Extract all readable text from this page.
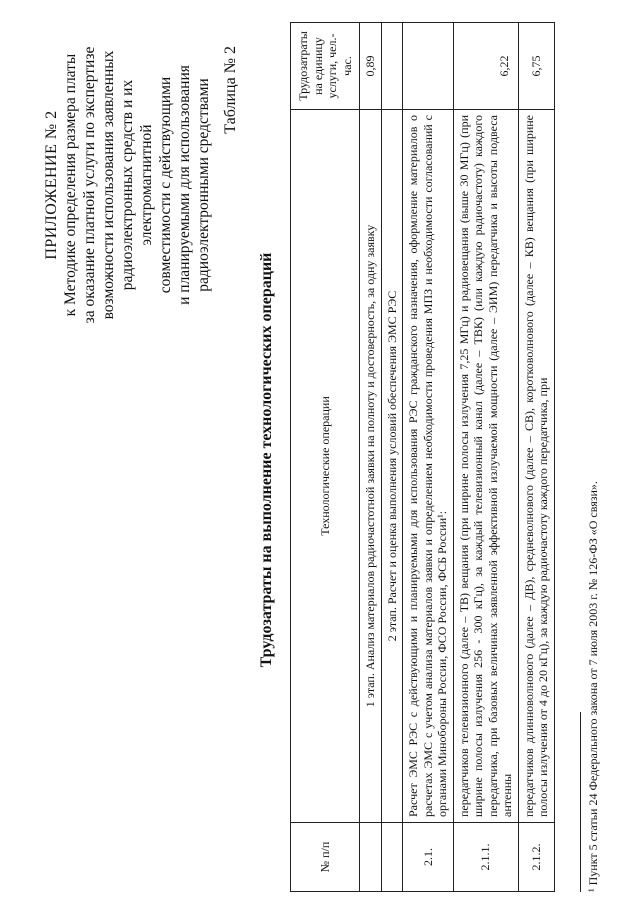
ПРИЛОЖЕНИЕ № 2 к Методике определения размера платы за оказание платной услуги по экспертизе возможности использования заявленных радиоэлектронных средств и их электромагнитной совместимости с действующими и планируемыми для использования радиоэлектронными средствами Таблица № 2
Трудозатраты на выполнение технологических операций
№ п/п	Технологические операции	Трудозатраты на единицу услуги, чел.-час.
	1 этап. Анализ материалов радиочастотной заявки на полноту и достоверность, за одну заявку	0,89
	2 этап. Расчет и оценка выполнения условий обеспечения ЭМС РЭС	
2.1.	Расчет ЭМС РЭС с действующими и планируемыми для использования РЭС гражданского назначения, оформление материалов о расчетах ЭМС с учетом анализа материалов заявки и определением необходимости проведения МПЗ и необходимости согласований с органами Минобороны России, ФСО России, ФСБ России¹:	
2.1.1.	передатчиков телевизионного (далее – ТВ) вещания (при ширине полосы излучения 7,25 МГц) и радиовещания (выше 30 МГц) (при ширине полосы излучения 256 - 300 кГц), за каждый телевизионный канал (далее – ТВК) (или каждую радиочастоту) каждого передатчика, при базовых величинах заявленной эффективной излучаемой мощности (далее – ЭИМ) передатчика и высоты подвеса антенны	6,22
2.1.2.	передатчиков длинноволнового (далее – ДВ), средневолнового (далее – СВ), коротковолнового (далее – КВ) вещания (при ширине полосы излучения от 4 до 20 кГц), за каждую радиочастоту каждого передатчика, при	6,75
¹ Пункт 5 статьи 24 Федерального закона от 7 июля 2003 г. № 126-ФЗ «О связи».
